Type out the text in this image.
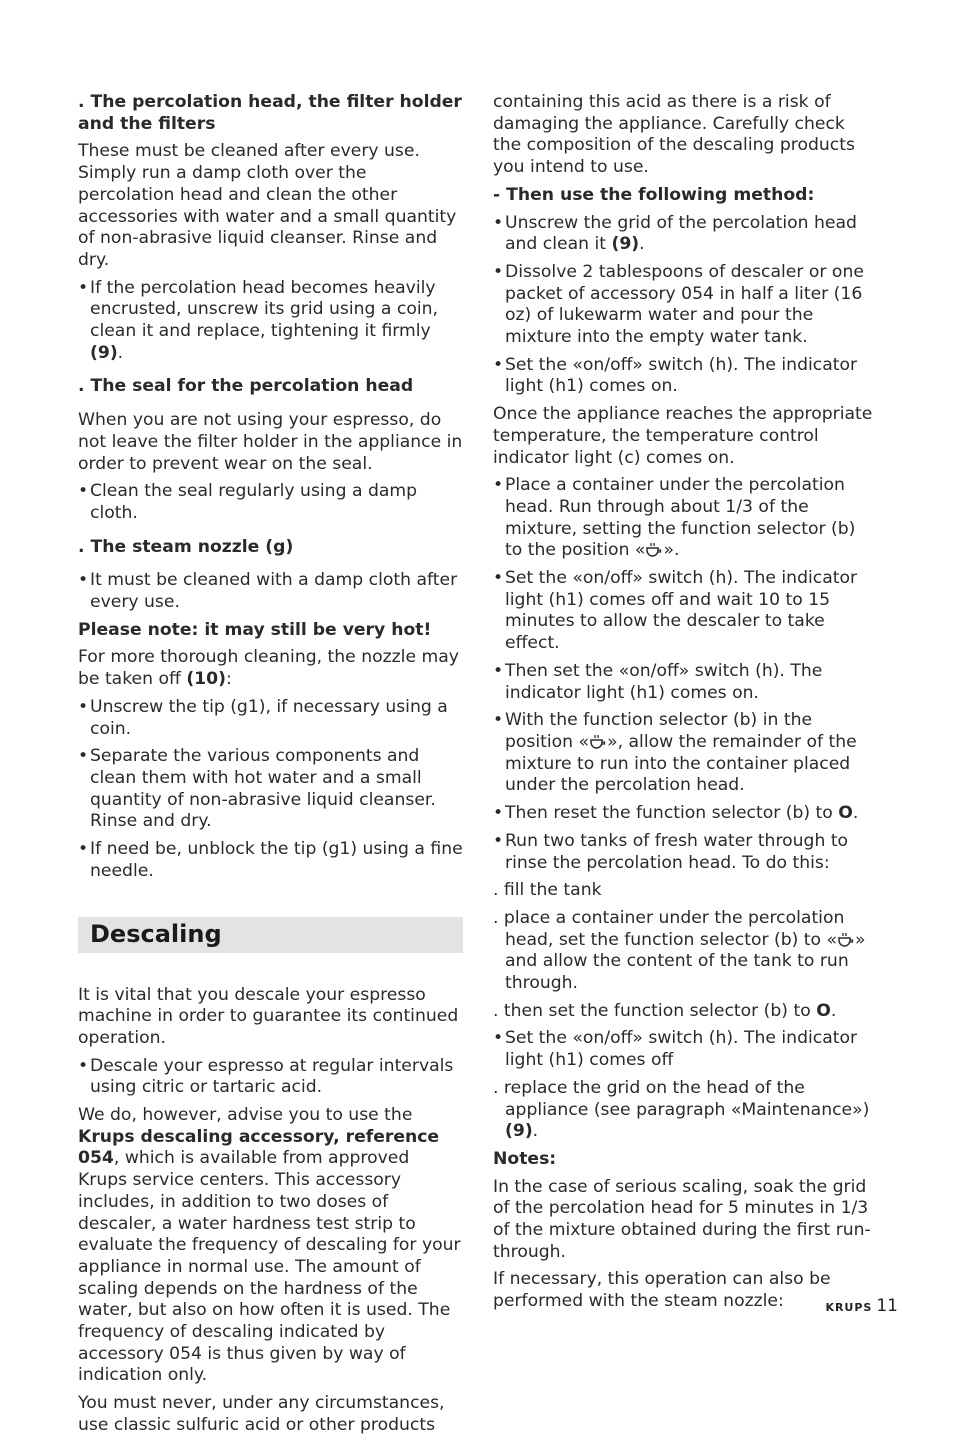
. The percolation head, the filter holder and the filters

These must be cleaned after every use. Simply run a damp cloth over the percolation head and clean the other accessories with water and a small quantity of non-abrasive liquid cleanser. Rinse and dry.

• If the percolation head becomes heavily encrusted, unscrew its grid using a coin, clean it and replace, tightening it firmly (9).
. The seal for the percolation head

When you are not using your espresso, do not leave the filter holder in the appliance in order to prevent wear on the seal.

• Clean the seal regularly using a damp cloth.
. The steam nozzle (g)
• It must be cleaned with a damp cloth after every use.
Please note: it may still be very hot!

For more thorough cleaning, the nozzle may be taken off (10):

• Unscrew the tip (g1), if necessary using a coin.
• Separate the various components and clean them with hot water and a small quantity of non-abrasive liquid cleanser. Rinse and dry.
• If need be, unblock the tip (g1) using a fine needle.
Descaling

It is vital that you descale your espresso machine in order to guarantee its continued operation.

• Descale your espresso at regular intervals using citric or tartaric acid.

We do, however, advise you to use the Krups descaling accessory, reference 054, which is available from approved Krups service centers. This accessory includes, in addition to two doses of descaler, a water hardness test strip to evaluate the frequency of descaling for your appliance in normal use. The amount of scaling depends on the hardness of the water, but also on how often it is used. The frequency of descaling indicated by accessory 054 is thus given by way of indication only.

You must never, under any circumstances, use classic sulfuric acid or other products

containing this acid as there is a risk of damaging the appliance. Carefully check the composition of the descaling products you intend to use.

- Then use the following method:
• Unscrew the grid of the percolation head and clean it (9).
• Dissolve 2 tablespoons of descaler or one packet of accessory 054 in half a liter (16 oz) of lukewarm water and pour the mixture into the empty water tank.
• Set the «on/off» switch (h). The indicator light (h1) comes on.

Once the appliance reaches the appropriate temperature, the temperature control indicator light (c) comes on.

• Place a container under the percolation head. Run through about 1/3 of the mixture, setting the function selector (b) to the position « ».
• Set the «on/off» switch (h). The indicator light (h1) comes off and wait 10 to 15 minutes to allow the descaler to take effect.
• Then set the «on/off» switch (h). The indicator light (h1) comes on.
• With the function selector (b) in the position « », allow the remainder of the mixture to run into the container placed under the percolation head.
• Then reset the function selector (b) to O.
• Run two tanks of fresh water through to rinse the percolation head. To do this:

. fill the tank

. place a container under the percolation head, set the function selector (b) to « » and allow the content of the tank to run through.

. then set the function selector (b) to O.

• Set the «on/off» switch (h). The indicator light (h1) comes off

. replace the grid on the head of the appliance (see paragraph «Maintenance») (9).

Notes:

In the case of serious scaling, soak the grid of the percolation head for 5 minutes in 1/3 of the mixture obtained during the first run-through.

If necessary, this operation can also be performed with the steam nozzle:	KRUPS 11
